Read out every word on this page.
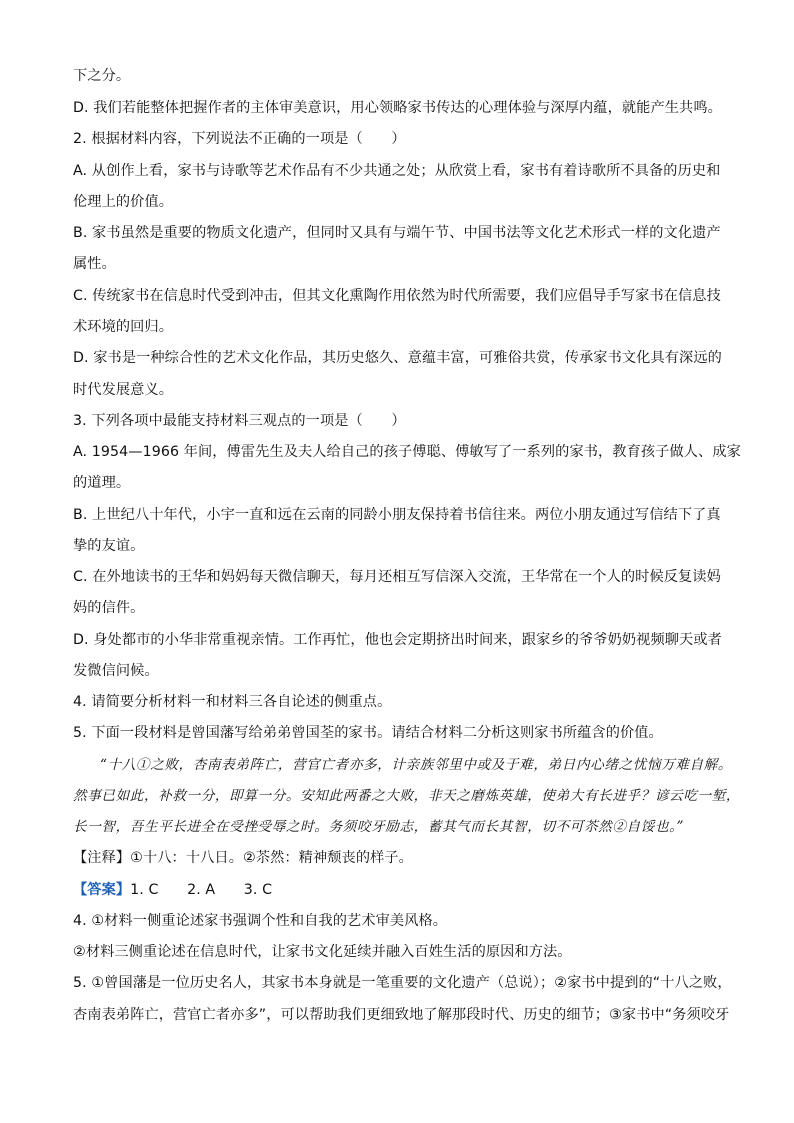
下之分。
D. 我们若能整体把握作者的主体审美意识，用心领略家书传达的心理体验与深厚内蕴，就能产生共鸣。
2. 根据材料内容，下列说法不正确的一项是（　　）
A. 从创作上看，家书与诗歌等艺术作品有不少共通之处；从欣赏上看，家书有着诗歌所不具备的历史和
伦理上的价值。
B. 家书虽然是重要的物质文化遗产，但同时又具有与端午节、中国书法等文化艺术形式一样的文化遗产
属性。
C. 传统家书在信息时代受到冲击，但其文化熏陶作用依然为时代所需要，我们应倡导手写家书在信息技
术环境的回归。
D. 家书是一种综合性的艺术文化作品，其历史悠久、意蕴丰富，可雅俗共赏，传承家书文化具有深远的
时代发展意义。
3. 下列各项中最能支持材料三观点的一项是（　　）
A. 1954—1966 年间，傅雷先生及夫人给自己的孩子傅聪、傅敏写了一系列的家书，教育孩子做人、成家
的道理。
B. 上世纪八十年代，小宇一直和远在云南的同龄小朋友保持着书信往来。两位小朋友通过写信结下了真
挚的友谊。
C. 在外地读书的王华和妈妈每天微信聊天，每月还相互写信深入交流，王华常在一个人的时候反复读妈
妈的信件。
D. 身处都市的小华非常重视亲情。工作再忙，他也会定期挤出时间来，跟家乡的爷爷奶奶视频聊天或者
发微信问候。
4. 请简要分析材料一和材料三各自论述的侧重点。
5. 下面一段材料是曾国藩写给弟弟曾国荃的家书。请结合材料二分析这则家书所蕴含的价值。
“十八①之败，杏南表弟阵亡，营官亡者亦多，计亲族邻里中或及于难，弟日内心绪之忧恼万难自解。
然事已如此，补救一分，即算一分。安知此两番之大败，非天之磨炼英雄，使弟大有长进乎？谚云吃一堑，
长一智，吾生平长进全在受挫受辱之时。务须咬牙励志，蓄其气而长其智，切不可苶然②自馁也。”
【注释】①十八：十八日。②苶然：精神颓丧的样子。
【答案】1. C　　2. A　　3. C
4. ①材料一侧重论述家书强调个性和自我的艺术审美风格。
②材料三侧重论述在信息时代，让家书文化延续并融入百姓生活的原因和方法。
5. ①曾国藩是一位历史名人，其家书本身就是一笔重要的文化遗产（总说）；②家书中提到的“十八之败，
杏南表弟阵亡，营官亡者亦多”，可以帮助我们更细致地了解那段时代、历史的细节；③家书中“务须咬牙
